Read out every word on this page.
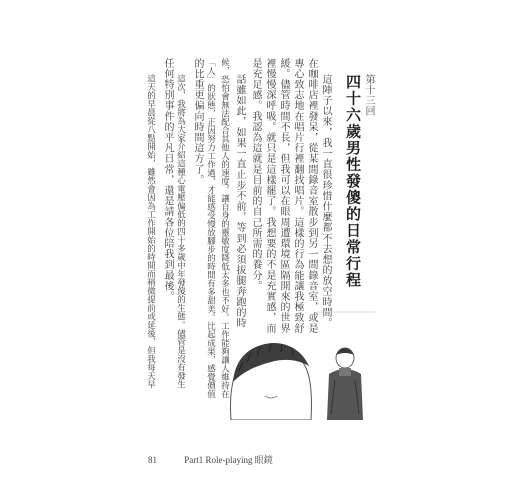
第十三回
四十六歲男性發傻的日常行程
這陣子以來，我一直很珍惜什麼都不去想的放空時間。
在咖啡店裡發呆，從某間錄音室散步到另一間錄音室，或是
專心致志地在唱片行裡翻找唱片。這樣的行為能讓我極致舒
緩。儘管時間不長，但我可以在眼周遭環境區隔開來的世界
裡慢慢深呼吸。就只是這樣罷了。我想要的不是充實感，而
是充足感。我認為這就是目前的自己所需的養分。
話雖如此，如果一直止步不前，等到必須拔腿奔跑的時
候，恐怕會無法配合其他人的速度。讓自身的靈敏度降低太多也不好。工作能夠讓人維持在
「人」的狀態，正因努力工作過，才能感受慢放腳步的時間有多甜美。比起成果，感覺價值
的比重更偏向時間這方了。
這次，我將為大家介紹這種心電壓偏低的四十多歲中年發傻的生態。儘管是沒有發生
任何特別事件的平凡日常，還是請各位陪我到最後。
這天的早晨從八點開始，雖然會因為工作開始的時間而稍微提前或延後，但我每天早
81	Part1 Role-playing 眼鏡
